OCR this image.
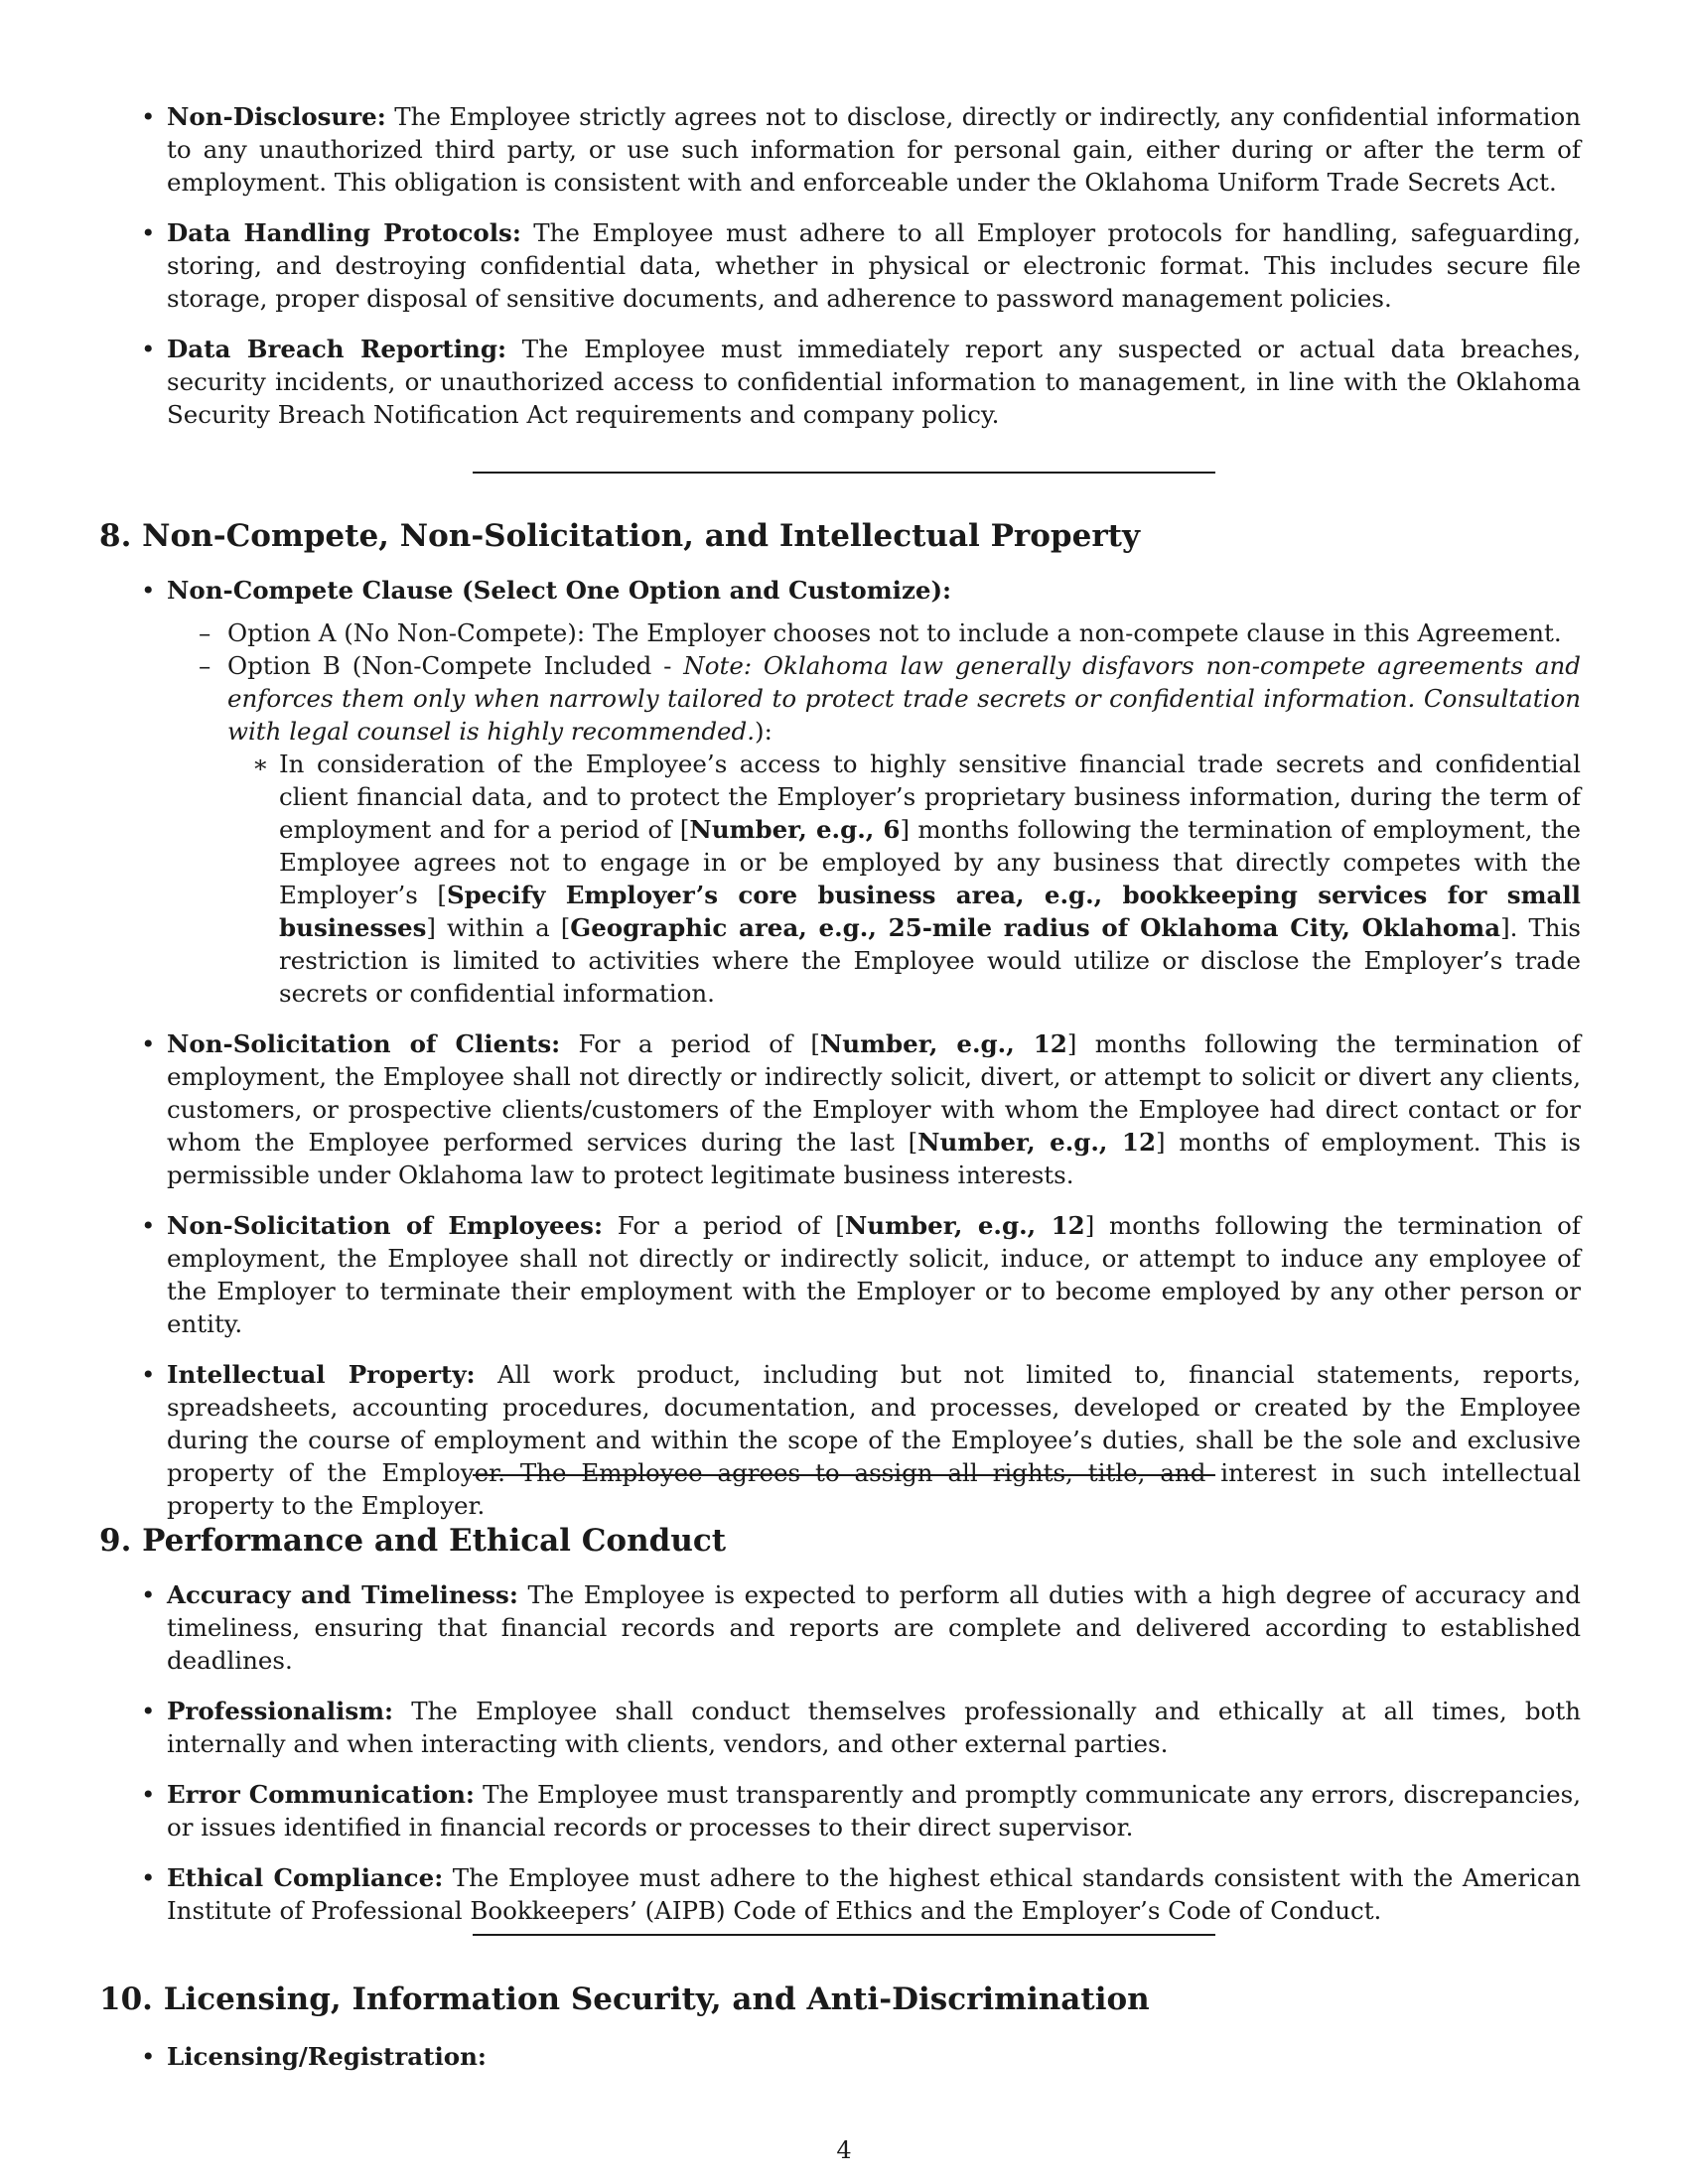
• Non-Disclosure: The Employee strictly agrees not to disclose, directly or indirectly, any confidential information to any unauthorized third party, or use such information for personal gain, either during or after the term of employment. This obligation is consistent with and enforceable under the Oklahoma Uniform Trade Secrets Act.
• Data Handling Protocols: The Employee must adhere to all Employer protocols for handling, safeguarding, storing, and destroying confidential data, whether in physical or electronic format. This includes secure file storage, proper disposal of sensitive documents, and adherence to password management policies.
• Data Breach Reporting: The Employee must immediately report any suspected or actual data breaches, security incidents, or unauthorized access to confidential information to management, in line with the Oklahoma Security Breach Notification Act requirements and company policy.
8. Non-Compete, Non-Solicitation, and Intellectual Property
• Non-Compete Clause (Select One Option and Customize):
– Option A (No Non-Compete): The Employer chooses not to include a non-compete clause in this Agreement.
– Option B (Non-Compete Included - Note: Oklahoma law generally disfavors non-compete agreements and enforces them only when narrowly tailored to protect trade secrets or confidential information. Consultation with legal counsel is highly recommended.):
∗ In consideration of the Employee’s access to highly sensitive financial trade secrets and confidential client financial data, and to protect the Employer’s proprietary business information, during the term of employment and for a period of [Number, e.g., 6] months following the termination of employment, the Employee agrees not to engage in or be employed by any business that directly competes with the Employer’s [Specify Employer’s core business area, e.g., bookkeeping services for small businesses] within a [Geographic area, e.g., 25-mile radius of Oklahoma City, Oklahoma]. This restriction is limited to activities where the Employee would utilize or disclose the Employer’s trade secrets or confidential information.
• Non-Solicitation of Clients: For a period of [Number, e.g., 12] months following the termination of employment, the Employee shall not directly or indirectly solicit, divert, or attempt to solicit or divert any clients, customers, or prospective clients/customers of the Employer with whom the Employee had direct contact or for whom the Employee performed services during the last [Number, e.g., 12] months of employment. This is permissible under Oklahoma law to protect legitimate business interests.
• Non-Solicitation of Employees: For a period of [Number, e.g., 12] months following the termination of employment, the Employee shall not directly or indirectly solicit, induce, or attempt to induce any employee of the Employer to terminate their employment with the Employer or to become employed by any other person or entity.
• Intellectual Property: All work product, including but not limited to, financial statements, reports, spreadsheets, accounting procedures, documentation, and processes, developed or created by the Employee during the course of employment and within the scope of the Employee’s duties, shall be the sole and exclusive property of the Employer. The Employee agrees to assign all rights, title, and interest in such intellectual property to the Employer.
9. Performance and Ethical Conduct
• Accuracy and Timeliness: The Employee is expected to perform all duties with a high degree of accuracy and timeliness, ensuring that financial records and reports are complete and delivered according to established deadlines.
• Professionalism: The Employee shall conduct themselves professionally and ethically at all times, both internally and when interacting with clients, vendors, and other external parties.
• Error Communication: The Employee must transparently and promptly communicate any errors, discrepancies, or issues identified in financial records or processes to their direct supervisor.
• Ethical Compliance: The Employee must adhere to the highest ethical standards consistent with the American Institute of Professional Bookkeepers’ (AIPB) Code of Ethics and the Employer’s Code of Conduct.
10. Licensing, Information Security, and Anti-Discrimination
• Licensing/Registration:
4
